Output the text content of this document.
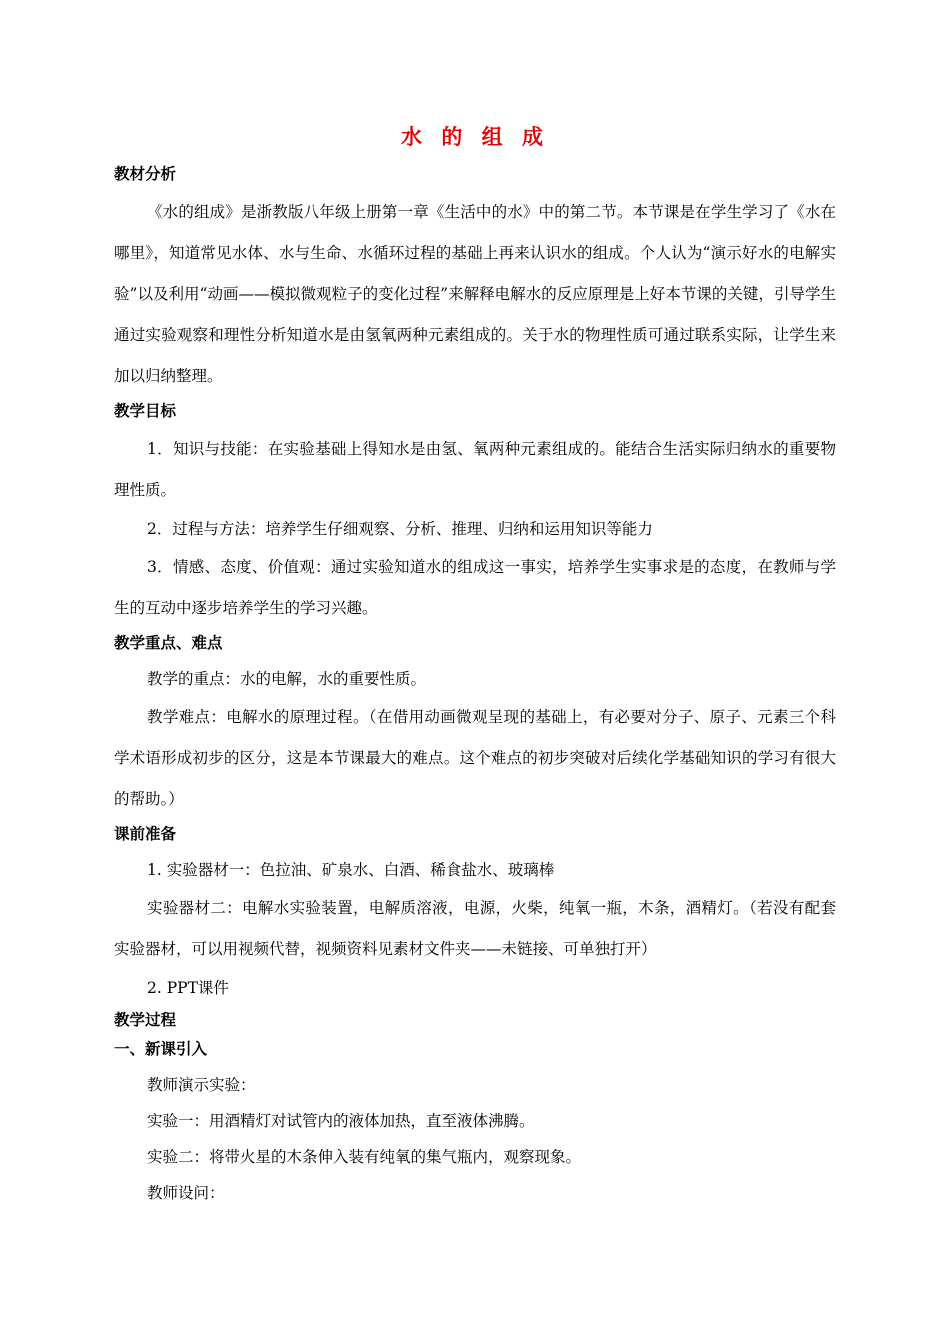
水 的 组 成
教材分析

《水的组成》是浙教版八年级上册第一章《生活中的水》中的第二节。本节课是在学生学习了《水在哪里》，知道常见水体、水与生命、水循环过程的基础上再来认识水的组成。个人认为“演示好水的电解实验”以及利用“动画——模拟微观粒子的变化过程”来解释电解水的反应原理是上好本节课的关键，引导学生通过实验观察和理性分析知道水是由氢氧两种元素组成的。关于水的物理性质可通过联系实际，让学生来加以归纳整理。

教学目标

1．知识与技能：在实验基础上得知水是由氢、氧两种元素组成的。能结合生活实际归纳水的重要物理性质。

2．过程与方法：培养学生仔细观察、分析、推理、归纳和运用知识等能力

3．情感、态度、价值观：通过实验知道水的组成这一事实，培养学生实事求是的态度，在教师与学生的互动中逐步培养学生的学习兴趣。

教学重点、难点

教学的重点：水的电解，水的重要性质。

教学难点：电解水的原理过程。（在借用动画微观呈现的基础上，有必要对分子、原子、元素三个科学术语形成初步的区分，这是本节课最大的难点。这个难点的初步突破对后续化学基础知识的学习有很大的帮助。）

课前准备

1. 实验器材一：色拉油、矿泉水、白酒、稀食盐水、玻璃棒

实验器材二：电解水实验装置，电解质溶液，电源，火柴，纯氧一瓶，木条，酒精灯。（若没有配套实验器材，可以用视频代替，视频资料见素材文件夹——未链接、可单独打开）

2. PPT课件

教学过程
一、新课引入

教师演示实验：

实验一：用酒精灯对试管内的液体加热，直至液体沸腾。

实验二：将带火星的木条伸入装有纯氧的集气瓶内，观察现象。

教师设问：
